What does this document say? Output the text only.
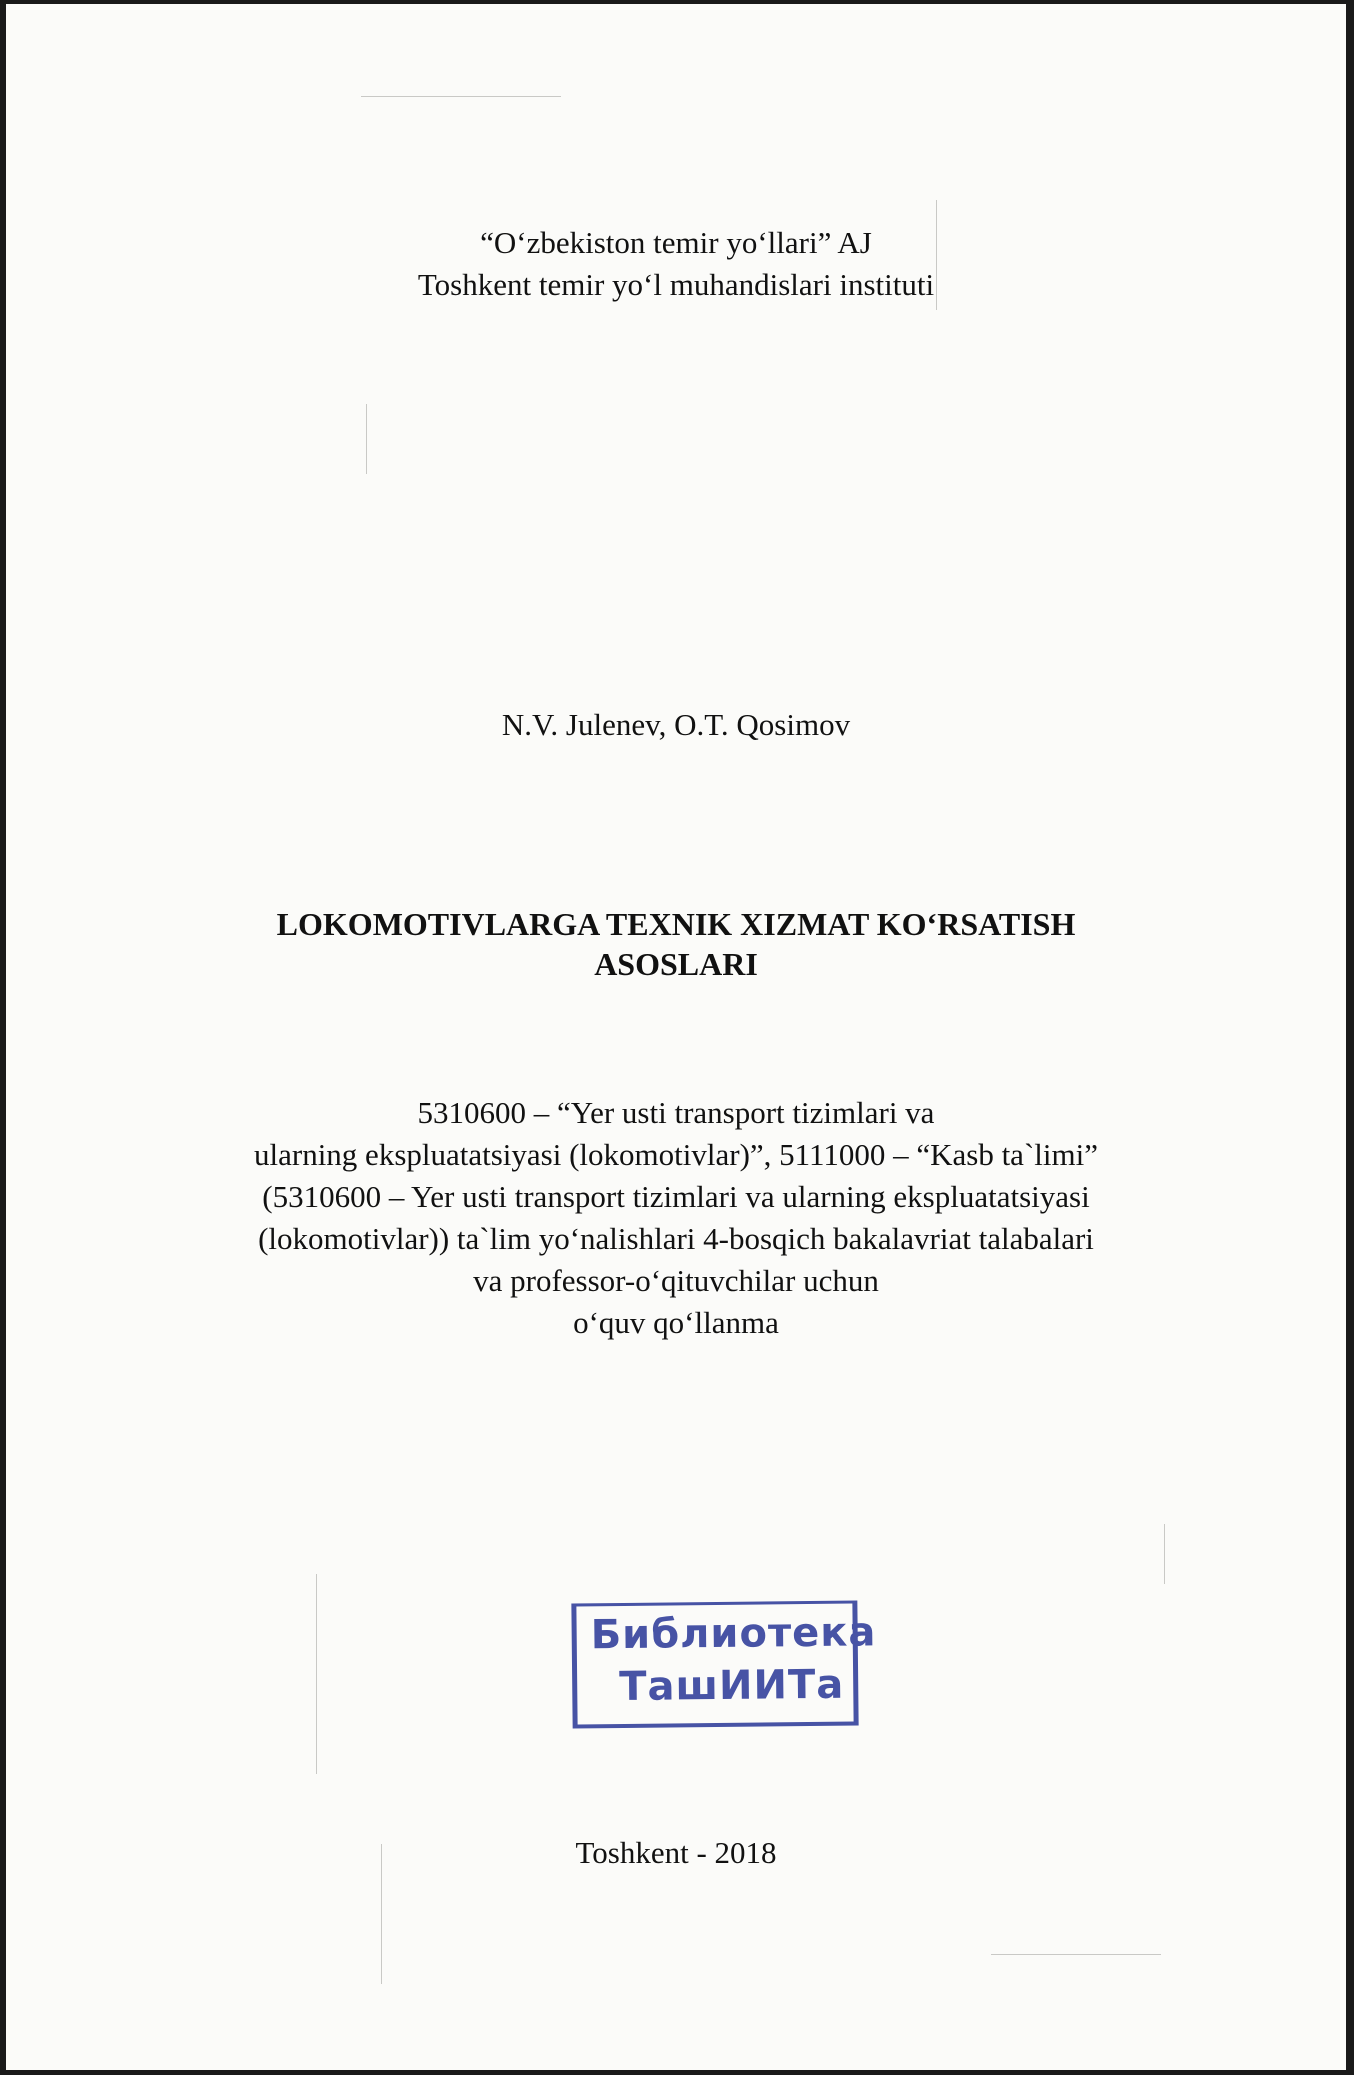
“O‘zbekiston temir yo‘llari” AJ
Toshkent temir yo‘l muhandislari instituti
N.V. Julenev, O.T. Qosimov
LOKOMOTIVLARGA TEXNIK XIZMAT KO‘RSATISH
ASOSLARI
5310600 – “Yer usti transport tizimlari va
ularning ekspluatatsiyasi (lokomotivlar)”, 5111000 – “Kasb ta`limi”
(5310600 – Yer usti transport tizimlari va ularning ekspluatatsiyasi
(lokomotivlar)) ta`lim yo‘nalishlari 4-bosqich bakalavriat talabalari
va professor-o‘qituvchilar uchun
o‘quv qo‘llanma
Библиотека
ТашИИТа
Toshkent - 2018
